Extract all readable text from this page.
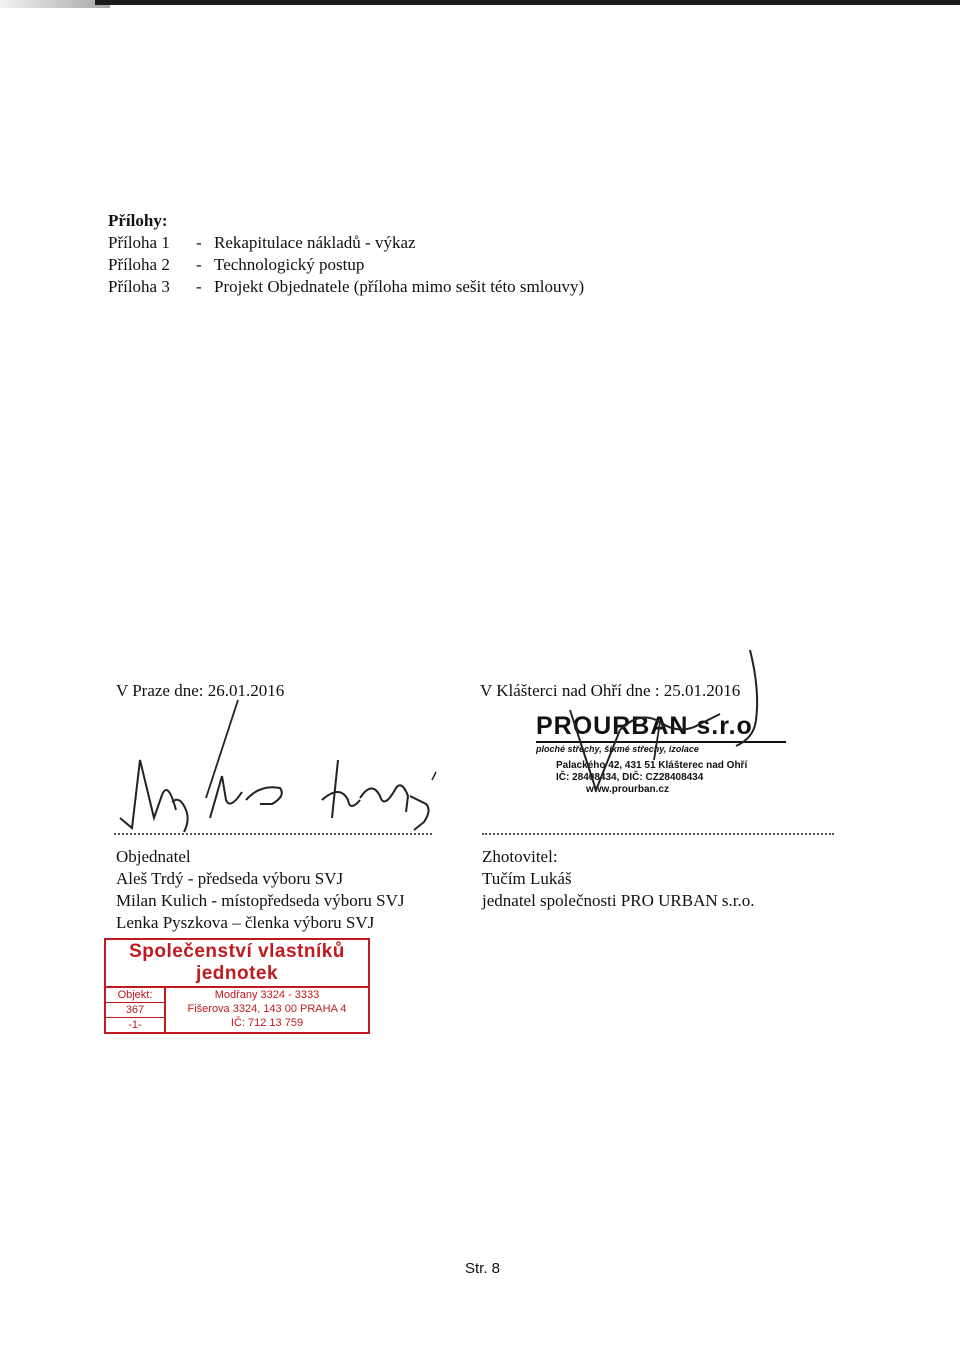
Přílohy:
Příloha 1	- Rekapitulace nákladů - výkaz
Příloha 2	- Technologický postup
Příloha 3	- Projekt Objednatele (příloha mimo sešit této smlouvy)
V Praze dne: 26.01.2016	V Klášterci nad Ohří dne : 25.01.2016
Objednatel
Aleš Trdý - předseda výboru SVJ
Milan Kulich - místopředseda výboru SVJ
Lenka Pyszkova – členka výboru SVJ
Společenství vlastníků jednotek
Objekt:
367
-1-
Modřany 3324 - 3333
Fišerova 3324, 143 00 PRAHA 4
IČ: 712 13 759
PROURBAN s.r.o
ploché střechy, šikmé střechy, izolace
Palackého 42, 431 51 Klášterec nad Ohří
IČ: 28408434, DIČ: CZ28408434
www.prourban.cz
Zhotovitel:
Tučím Lukáš
jednatel společnosti PRO URBAN s.r.o.
Str. 8
